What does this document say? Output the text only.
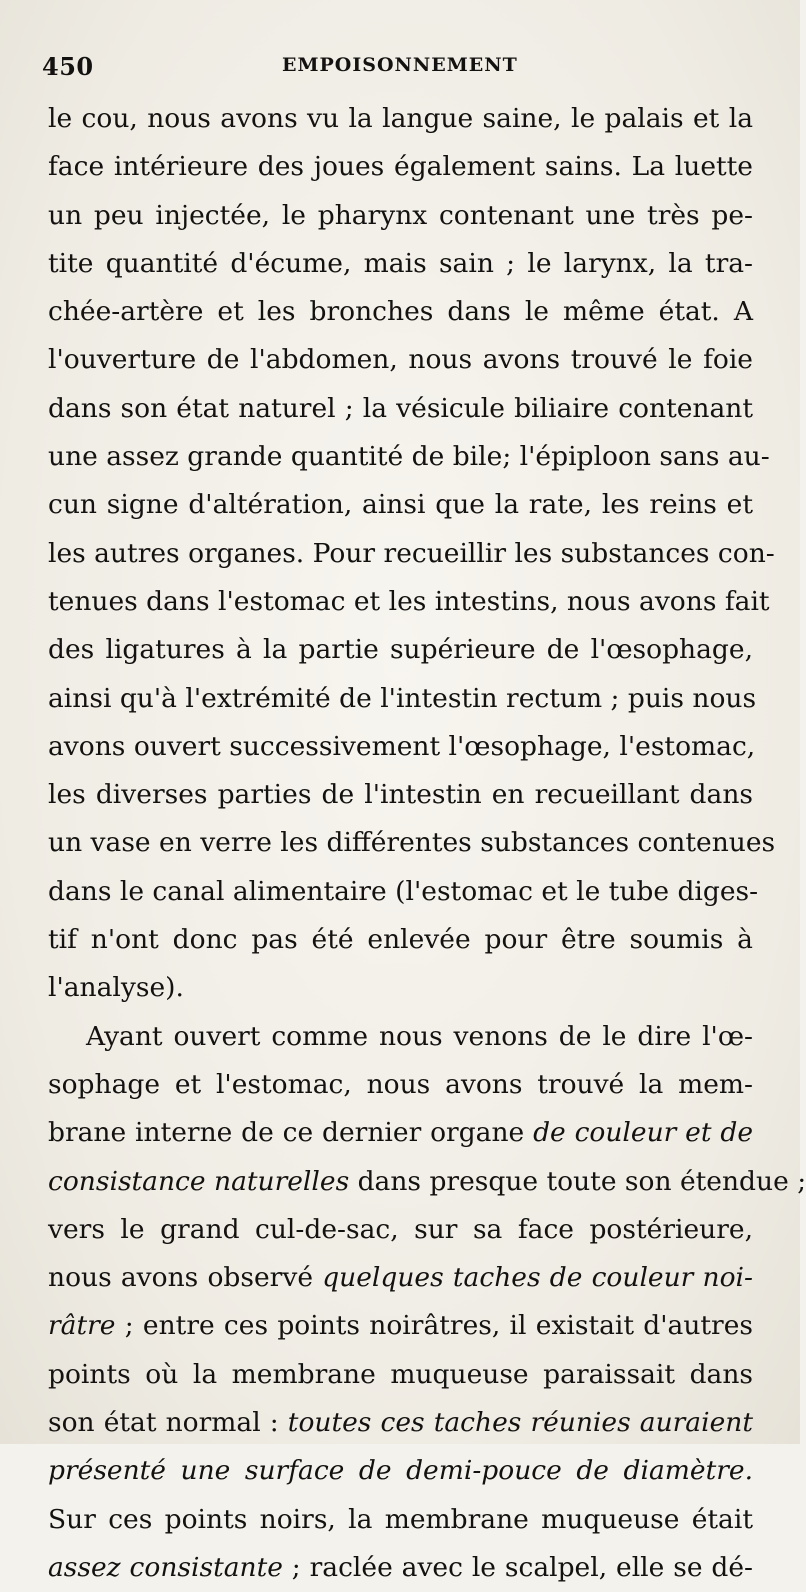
450	EMPOISONNEMENT
le cou, nous avons vu la langue saine, le palais et la
face intérieure des joues également sains. La luette
un peu injectée, le pharynx contenant une très pe-
tite quantité d'écume, mais sain ; le larynx, la tra-
chée-artère et les bronches dans le même état. A
l'ouverture de l'abdomen, nous avons trouvé le foie
dans son état naturel ; la vésicule biliaire contenant
une assez grande quantité de bile; l'épiploon sans au-
cun signe d'altération, ainsi que la rate, les reins et
les autres organes. Pour recueillir les substances con-
tenues dans l'estomac et les intestins, nous avons fait
des ligatures à la partie supérieure de l'œsophage,
ainsi qu'à l'extrémité de l'intestin rectum ; puis nous
avons ouvert successivement l'œsophage, l'estomac,
les diverses parties de l'intestin en recueillant dans
un vase en verre les différentes substances contenues
dans le canal alimentaire (l'estomac et le tube diges-
tif n'ont donc pas été enlevée pour être soumis à
l'analyse).
Ayant ouvert comme nous venons de le dire l'œ-
sophage et l'estomac, nous avons trouvé la mem-
brane interne de ce dernier organe de couleur et de
consistance naturelles dans presque toute son étendue ;
vers le grand cul-de-sac, sur sa face postérieure,
nous avons observé quelques taches de couleur noi-
râtre ; entre ces points noirâtres, il existait d'autres
points où la membrane muqueuse paraissait dans
son état normal : toutes ces taches réunies auraient
présenté une surface de demi-pouce de diamètre.
Sur ces points noirs, la membrane muqueuse était
assez consistante ; raclée avec le scalpel, elle se dé-
